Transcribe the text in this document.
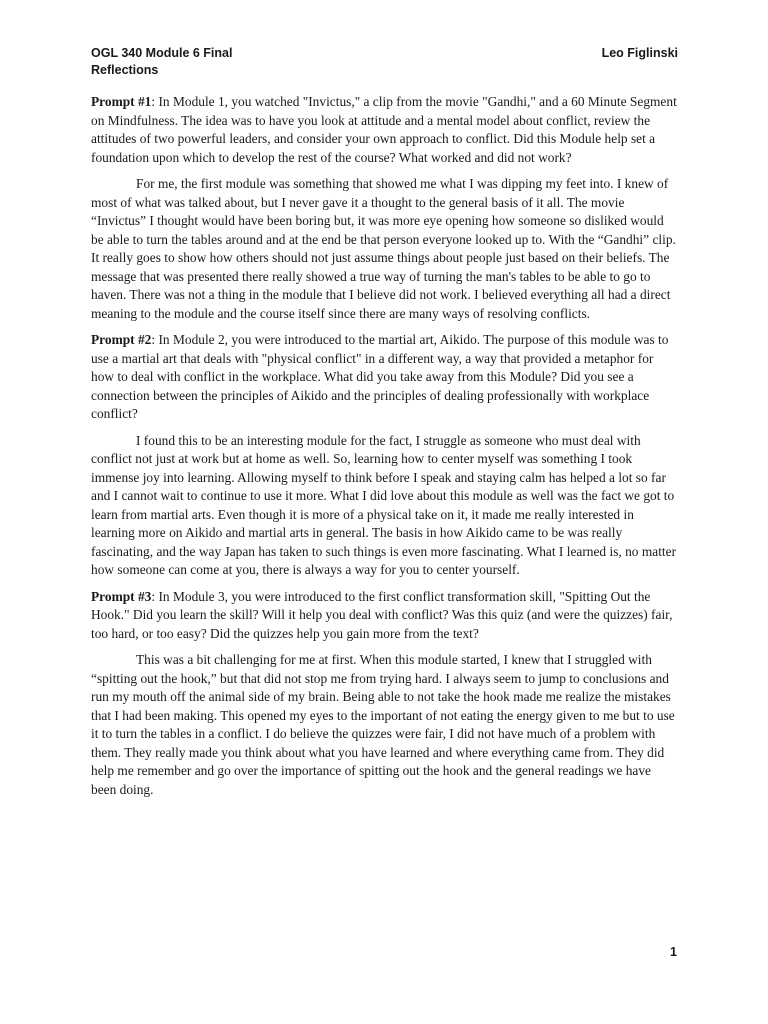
OGL 340 Module 6 Final Reflections
Leo Figlinski

Prompt #1: In Module 1, you watched "Invictus," a clip from the movie "Gandhi," and a 60 Minute Segment on Mindfulness. The idea was to have you look at attitude and a mental model about conflict, review the attitudes of two powerful leaders, and consider your own approach to conflict. Did this Module help set a foundation upon which to develop the rest of the course? What worked and did not work?

For me, the first module was something that showed me what I was dipping my feet into. I knew of most of what was talked about, but I never gave it a thought to the general basis of it all. The movie “Invictus” I thought would have been boring but, it was more eye opening how someone so disliked would be able to turn the tables around and at the end be that person everyone looked up to. With the “Gandhi” clip. It really goes to show how others should not just assume things about people just based on their beliefs. The message that was presented there really showed a true way of turning the man's tables to be able to go to haven. There was not a thing in the module that I believe did not work. I believed everything all had a direct meaning to the module and the course itself since there are many ways of resolving conflicts.

Prompt #2: In Module 2, you were introduced to the martial art, Aikido. The purpose of this module was to use a martial art that deals with "physical conflict" in a different way, a way that provided a metaphor for how to deal with conflict in the workplace. What did you take away from this Module? Did you see a connection between the principles of Aikido and the principles of dealing professionally with workplace conflict?

I found this to be an interesting module for the fact, I struggle as someone who must deal with conflict not just at work but at home as well. So, learning how to center myself was something I took immense joy into learning. Allowing myself to think before I speak and staying calm has helped a lot so far and I cannot wait to continue to use it more. What I did love about this module as well was the fact we got to learn from martial arts. Even though it is more of a physical take on it, it made me really interested in learning more on Aikido and martial arts in general. The basis in how Aikido came to be was really fascinating, and the way Japan has taken to such things is even more fascinating. What I learned is, no matter how someone can come at you, there is always a way for you to center yourself.

Prompt #3: In Module 3, you were introduced to the first conflict transformation skill, "Spitting Out the Hook." Did you learn the skill? Will it help you deal with conflict? Was this quiz (and were the quizzes) fair, too hard, or too easy? Did the quizzes help you gain more from the text?

This was a bit challenging for me at first. When this module started, I knew that I struggled with “spitting out the hook,” but that did not stop me from trying hard. I always seem to jump to conclusions and run my mouth off the animal side of my brain. Being able to not take the hook made me realize the mistakes that I had been making. This opened my eyes to the important of not eating the energy given to me but to use it to turn the tables in a conflict. I do believe the quizzes were fair, I did not have much of a problem with them. They really made you think about what you have learned and where everything came from. They did help me remember and go over the importance of spitting out the hook and the general readings we have been doing.

1
